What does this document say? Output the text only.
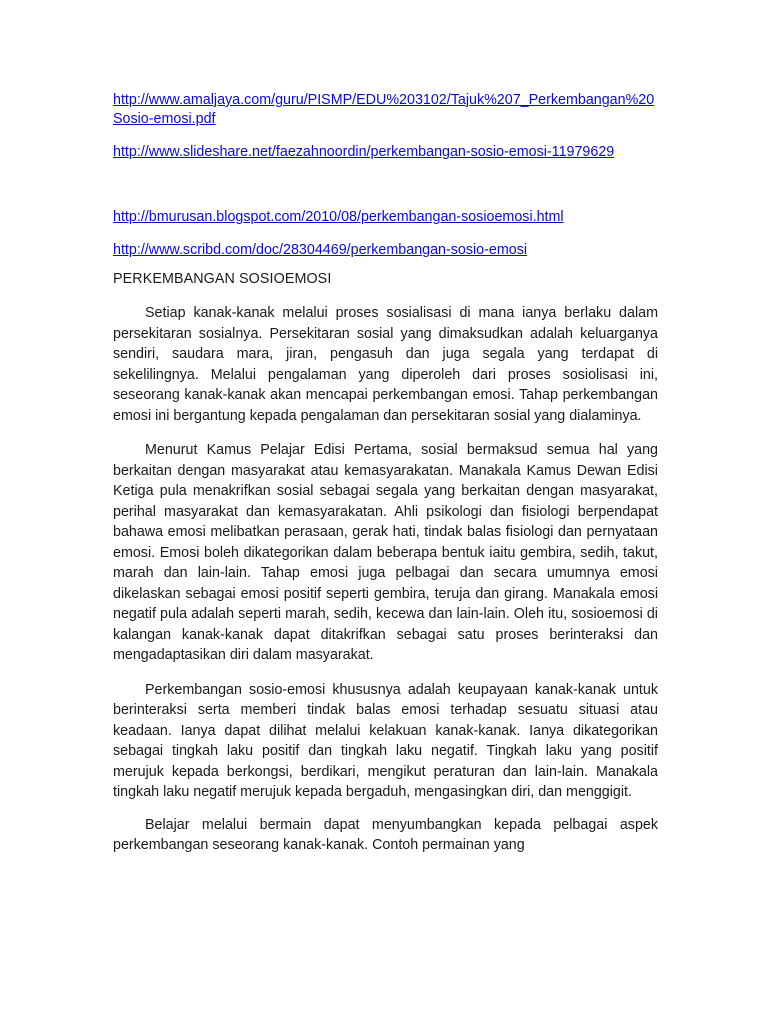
http://www.amaljaya.com/guru/PISMP/EDU%203102/Tajuk%207_Perkembangan%20Sosio-emosi.pdf
http://www.slideshare.net/faezahnoordin/perkembangan-sosio-emosi-11979629
http://bmurusan.blogspot.com/2010/08/perkembangan-sosioemosi.html
http://www.scribd.com/doc/28304469/perkembangan-sosio-emosi

PERKEMBANGAN SOSIOEMOSI

Setiap kanak-kanak melalui proses sosialisasi di mana ianya berlaku dalam persekitaran sosialnya. Persekitaran sosial yang dimaksudkan adalah keluarganya sendiri, saudara mara, jiran, pengasuh dan juga segala yang terdapat di sekelilingnya. Melalui pengalaman yang diperoleh dari proses sosiolisasi ini, seseorang kanak-kanak akan mencapai perkembangan emosi. Tahap perkembangan emosi ini bergantung kepada pengalaman dan persekitaran sosial yang dialaminya.

Menurut Kamus Pelajar Edisi Pertama, sosial bermaksud semua hal yang berkaitan dengan masyarakat atau kemasyarakatan. Manakala Kamus Dewan Edisi Ketiga pula menakrifkan sosial sebagai segala yang berkaitan dengan masyarakat, perihal masyarakat dan kemasyarakatan. Ahli psikologi dan fisiologi berpendapat bahawa emosi melibatkan perasaan, gerak hati, tindak balas fisiologi dan pernyataan emosi. Emosi boleh dikategorikan dalam beberapa bentuk iaitu gembira, sedih, takut, marah dan lain-lain. Tahap emosi juga pelbagai dan secara umumnya emosi dikelaskan sebagai emosi positif seperti gembira, teruja dan girang. Manakala emosi negatif pula adalah seperti marah, sedih, kecewa dan lain-lain. Oleh itu, sosioemosi di kalangan kanak-kanak dapat ditakrifkan sebagai satu proses berinteraksi dan mengadaptasikan diri dalam masyarakat.

Perkembangan sosio-emosi khususnya adalah keupayaan kanak-kanak untuk berinteraksi serta memberi tindak balas emosi terhadap sesuatu situasi atau keadaan. Ianya dapat dilihat melalui kelakuan kanak-kanak. Ianya dikategorikan sebagai tingkah laku positif dan tingkah laku negatif. Tingkah laku yang positif merujuk kepada berkongsi, berdikari, mengikut peraturan dan lain-lain. Manakala tingkah laku negatif merujuk kepada bergaduh, mengasingkan diri, dan menggigit.

Belajar melalui bermain dapat menyumbangkan kepada pelbagai aspek perkembangan seseorang kanak-kanak. Contoh permainan yang
